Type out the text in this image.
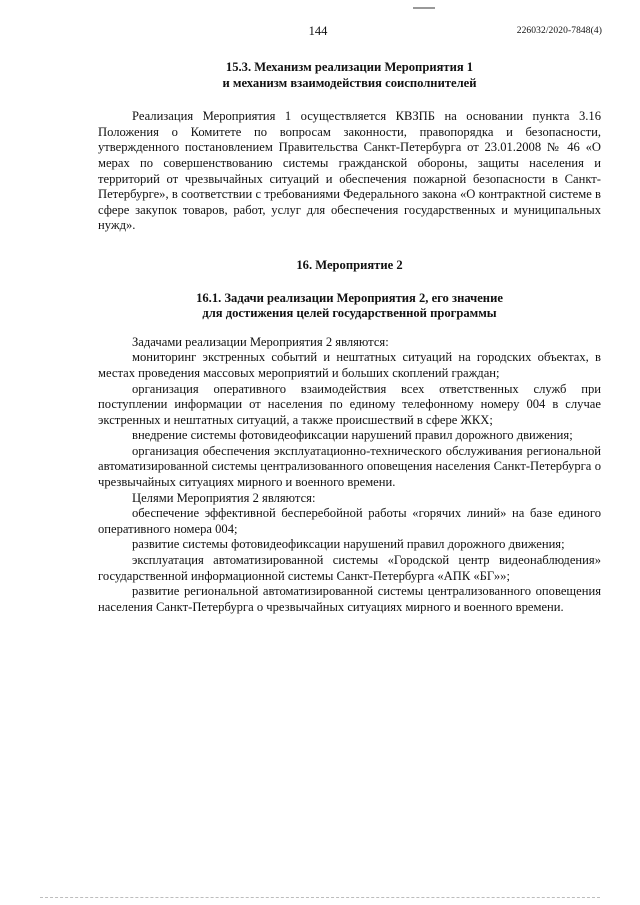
144	226032/2020-7848(4)
15.3. Механизм реализации Мероприятия 1
и механизм взаимодействия соисполнителей

Реализация Мероприятия 1 осуществляется КВЗПБ на основании пункта 3.16 Положения о Комитете по вопросам законности, правопорядка и безопасности, утвержденного постановлением Правительства Санкт-Петербурга от 23.01.2008 № 46 «О мерах по совершенствованию системы гражданской обороны, защиты населения и территорий от чрезвычайных ситуаций и обеспечения пожарной безопасности в Санкт-Петербурге», в соответствии с требованиями Федерального закона «О контрактной системе в сфере закупок товаров, работ, услуг для обеспечения государственных и муниципальных нужд».

16. Мероприятие 2
16.1. Задачи реализации Мероприятия 2, его значение
для достижения целей государственной программы

Задачами реализации Мероприятия 2 являются:

мониторинг экстренных событий и нештатных ситуаций на городских объектах, в местах проведения массовых мероприятий и больших скоплений граждан;

организация оперативного взаимодействия всех ответственных служб при поступлении информации от населения по единому телефонному номеру 004 в случае экстренных и нештатных ситуаций, а также происшествий в сфере ЖКХ;

внедрение системы фотовидеофиксации нарушений правил дорожного движения;

организация обеспечения эксплуатационно-технического обслуживания региональной автоматизированной системы централизованного оповещения населения Санкт-Петербурга о чрезвычайных ситуациях мирного и военного времени.

Целями Мероприятия 2 являются:

обеспечение эффективной бесперебойной работы «горячих линий» на базе единого оперативного номера 004;

развитие системы фотовидеофиксации нарушений правил дорожного движения;

эксплуатация автоматизированной системы «Городской центр видеонаблюдения» государственной информационной системы Санкт-Петербурга «АПК «БГ»»;

развитие региональной автоматизированной системы централизованного оповещения населения Санкт-Петербурга о чрезвычайных ситуациях мирного и военного времени.
